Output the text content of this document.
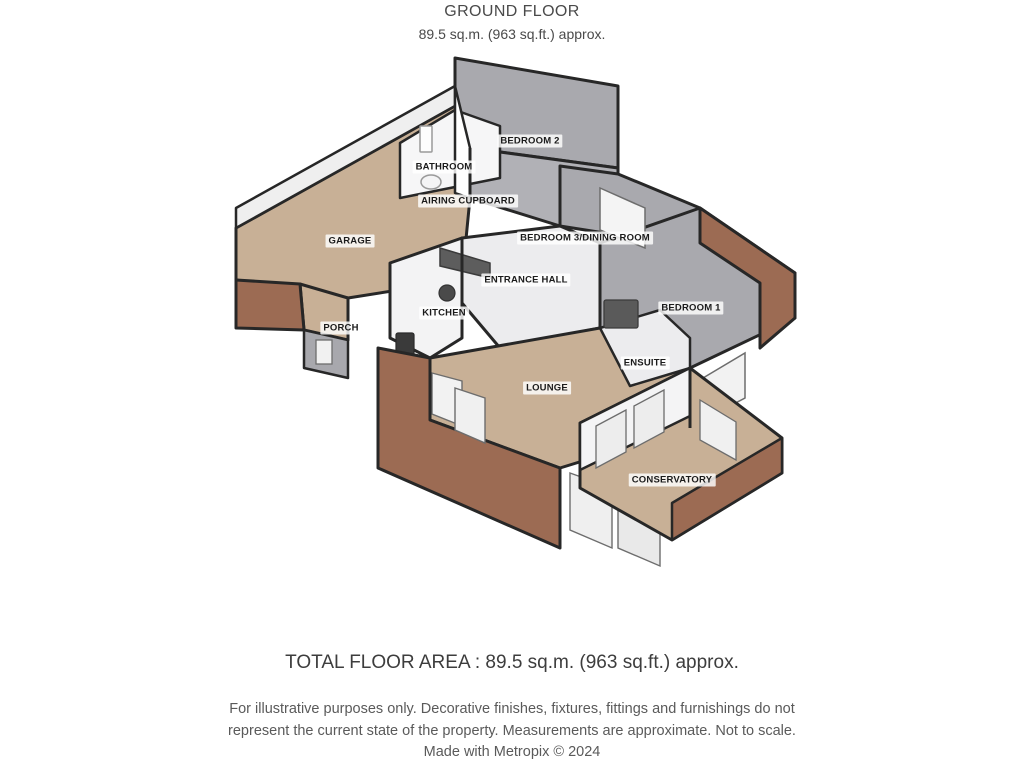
GROUND FLOOR
89.5 sq.m. (963 sq.ft.) approx.
BEDROOM 2
BATHROOM
AIRING CUPBOARD
GARAGE	BEDROOM 3/DINING ROOM
ENTRANCE HALL
KITCHEN	BEDROOM 1
PORCH
ENSUITE
LOUNGE
CONSERVATORY
TOTAL FLOOR AREA : 89.5 sq.m. (963 sq.ft.) approx.
For illustrative purposes only. Decorative finishes, fixtures, fittings and furnishings do not
represent the current state of the property. Measurements are approximate. Not to scale.
Made with Metropix © 2024
